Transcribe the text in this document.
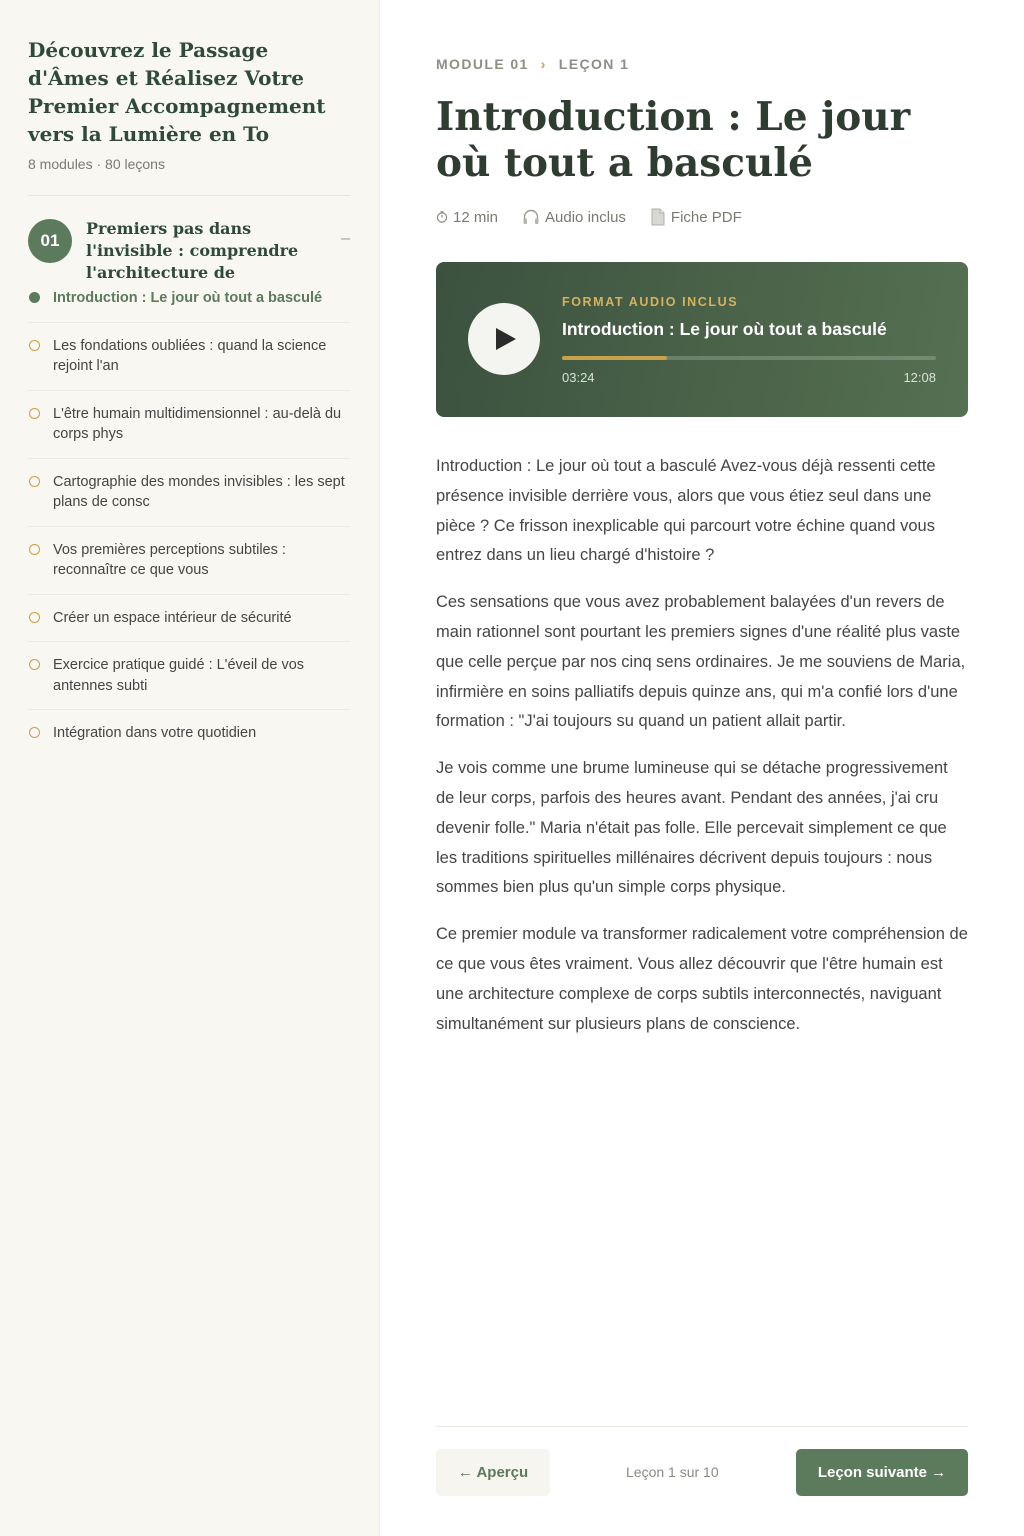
Découvrez le Passage d'Âmes et Réalisez Votre Premier Accompagnement vers la Lumière en To
8 modules · 80 leçons
01
Premiers pas dans l'invisible : comprendre l'architecture de
–
Introduction : Le jour où tout a basculé
Les fondations oubliées : quand la science rejoint l'an
L'être humain multidimensionnel : au-delà du corps phys
Cartographie des mondes invisibles : les sept plans de consc
Vos premières perceptions subtiles : reconnaître ce que vous
Créer un espace intérieur de sécurité
Exercice pratique guidé : L'éveil de vos antennes subti
Intégration dans votre quotidien
MODULE 01 › LEÇON 1
Introduction : Le jour où tout a basculé
12 min	Audio inclus	Fiche PDF
FORMAT AUDIO INCLUS
Introduction : Le jour où tout a basculé
03:24	12:08

Introduction : Le jour où tout a basculé Avez-vous déjà ressenti cette présence invisible derrière vous, alors que vous étiez seul dans une pièce ? Ce frisson inexplicable qui parcourt votre échine quand vous entrez dans un lieu chargé d'histoire ?

Ces sensations que vous avez probablement balayées d'un revers de main rationnel sont pourtant les premiers signes d'une réalité plus vaste que celle perçue par nos cinq sens ordinaires. Je me souviens de Maria, infirmière en soins palliatifs depuis quinze ans, qui m'a confié lors d'une formation : "J'ai toujours su quand un patient allait partir.

Je vois comme une brume lumineuse qui se détache progressivement de leur corps, parfois des heures avant. Pendant des années, j'ai cru devenir folle." Maria n'était pas folle. Elle percevait simplement ce que les traditions spirituelles millénaires décrivent depuis toujours : nous sommes bien plus qu'un simple corps physique.

Ce premier module va transformer radicalement votre compréhension de ce que vous êtes vraiment. Vous allez découvrir que l'être humain est une architecture complexe de corps subtils interconnectés, naviguant simultanément sur plusieurs plans de conscience.

← Aperçu	Leçon 1 sur 10	Leçon suivante →
